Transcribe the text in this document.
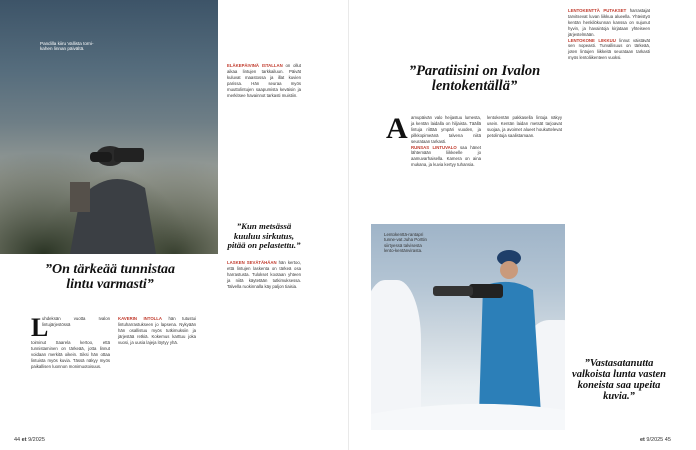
Pandilla kiiru Vallista torni-kahen linnan päivältä.
”On tärkeää tunnistaa lintu varmasti”
L

uhdeksän vuotta Ivalon lintujärjestössä

toiminut Saarela kertoo, että tunnistaminen on tärkeää, jotta linnut voidaan merkitä oikein. Siksi hän ottaa lintuista myös kuvia. Tässä näkyy myös paikallisen luonnon monimuotoisuus.

KAVERIN INTOLLA hän tutustui lintuharrastukseen jo lapsena. Nykyään hän osallistuu myös tutkimuksiin ja järjestää retkiä. Kokemus karttuu joka vuosi, ja uusia lajeja löytyy yhä.

ELÄKEPÄIVINÄ ISTALLAN on ollut aikaa lintujen tarkkailuun. Päivät kuluvat maastossa ja illat kuvien parissa. Hän seuraa myös muuttolintujen saapumista keväisin ja merkitsee havainnot tarkasti muistiin.

”Kun metsässä kuuluu sirkutus, pitää on pelastettu.”

LASKEN SEVÄTÄHÄAN hän kertoo, että lintujen laskenta on tärkeä osa harrastusta. Tulokset kootaan yhteen ja niitä käytetään tutkimuksessa. Talvella ruokinnalla käy paljon tiaisia.

44 et 9/2025
”Paratiisini on Ivalon lentokentällä”
A amupäivän valo heijastuu lumesta, ja kentän laidalla on hiljaista. Täällä lintuja riittää ympäri vuoden, ja pilkkopimeänä talvena niitä seurataan tarkasti.

RUNSAS LINTUVALO saa hänet lähtemään liikkeelle jo aamuvarhaisella. Kamera on aina mukana, ja kuvia kertyy tuhansia.

lentokentän pakkasella lintuja näkyy usein. Kentän laidan metsät tarjoavat suojaa, ja avoimet alueet houkuttelevat petolintuja saalistamaan.

Lentokenttä-rantapri tunne-vat Juha Porttin siirtyessä talvisesta lento-kentänvirasta.

LENTOKENTTÄ PUTAKSET harrastajat tarvitsevat luvan liikkua alueella. Yhteistyö kentän henkilökunnan kanssa on sujunut hyvin, ja havaintoja kirjataan yhteiseen järjestelmään.

LENTOKONE LIIKKUU linnut väistävät sen nopeasti. Turvallisuus on tärkeää, joten lintujen liikkeitä seurataan tarkasti myös lentoliikenteen vuoksi.

”Vastasatanutta valkoista lunta vasten koneista saa upeita kuvia.”
et 9/2025 45
